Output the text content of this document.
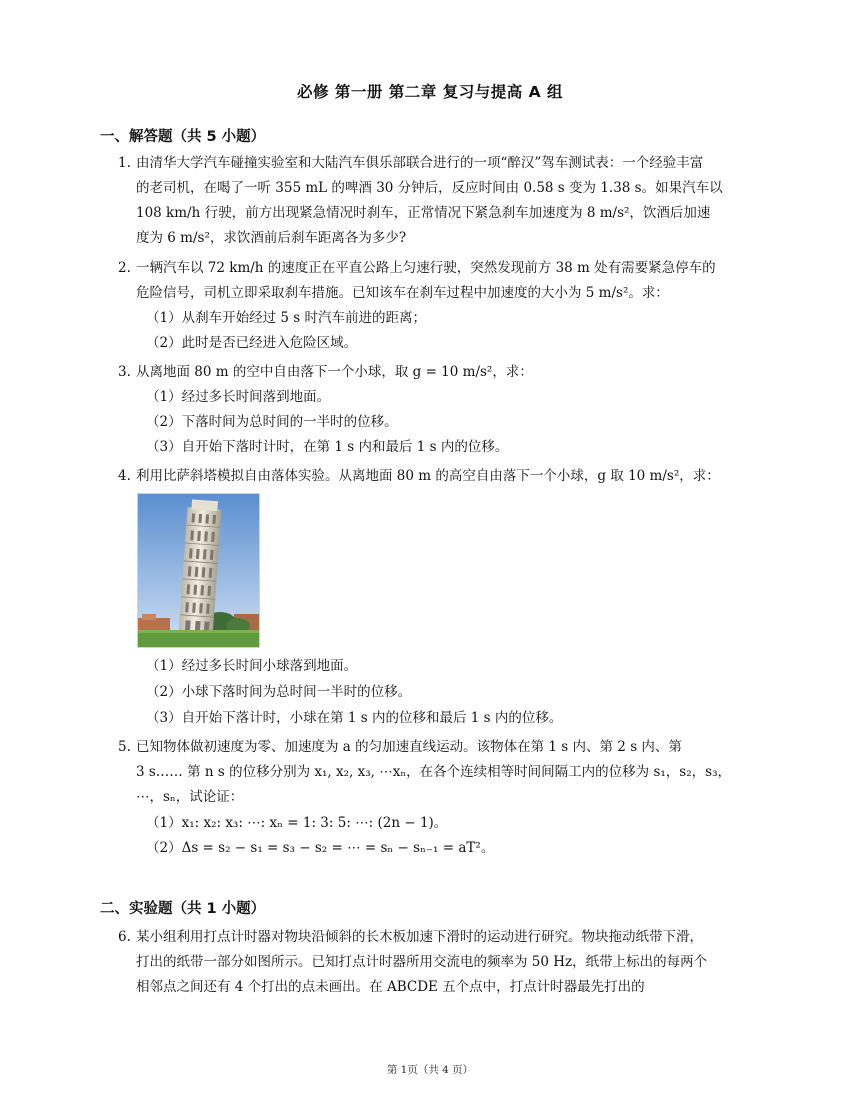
必修 第一册 第二章 复习与提高 A 组
一、解答题（共 5 小题）
1. 由清华大学汽车碰撞实验室和大陆汽车俱乐部联合进行的一项“醉汉”驾车测试表：一个经验丰富
的老司机，在喝了一听 355 mL 的啤酒 30 分钟后，反应时间由 0.58 s 变为 1.38 s。如果汽车以
108 km/h 行驶，前方出现紧急情况时刹车，正常情况下紧急刹车加速度为 8 m/s²，饮酒后加速
度为 6 m/s²，求饮酒前后刹车距离各为多少?
2. 一辆汽车以 72 km/h 的速度正在平直公路上匀速行驶，突然发现前方 38 m 处有需要紧急停车的
危险信号，司机立即采取刹车措施。已知该车在刹车过程中加速度的大小为 5 m/s²。求：
（1）从刹车开始经过 5 s 时汽车前进的距离；
（2）此时是否已经进入危险区域。
3. 从离地面 80 m 的空中自由落下一个小球，取 g = 10 m/s²，求：
（1）经过多长时间落到地面。
（2）下落时间为总时间的一半时的位移。
（3）自开始下落时计时，在第 1 s 内和最后 1 s 内的位移。
4. 利用比萨斜塔模拟自由落体实验。从离地面 80 m 的高空自由落下一个小球，g 取 10 m/s²，求：
（1）经过多长时间小球落到地面。
（2）小球下落时间为总时间一半时的位移。
（3）自开始下落计时，小球在第 1 s 内的位移和最后 1 s 内的位移。
5. 已知物体做初速度为零、加速度为 a 的匀加速直线运动。该物体在第 1 s 内、第 2 s 内、第
3 s…… 第 n s 的位移分别为 x₁, x₂, x₃, ⋯xₙ，在各个连续相等时间间隔工内的位移为 s₁，s₂，s₃，
⋯，sₙ，试论证：
（1）x₁: x₂: x₃: ⋯: xₙ = 1: 3: 5: ⋯: (2n − 1)。
（2）Δs = s₂ − s₁ = s₃ − s₂ = ⋯ = sₙ − sₙ₋₁ = aT²。
二、实验题（共 1 小题）
6. 某小组利用打点计时器对物块沿倾斜的长木板加速下滑时的运动进行研究。物块拖动纸带下滑，
打出的纸带一部分如图所示。已知打点计时器所用交流电的频率为 50 Hz，纸带上标出的每两个
相邻点之间还有 4 个打出的点未画出。在 ABCDE 五个点中，打点计时器最先打出的
第 1页（共 4 页）
